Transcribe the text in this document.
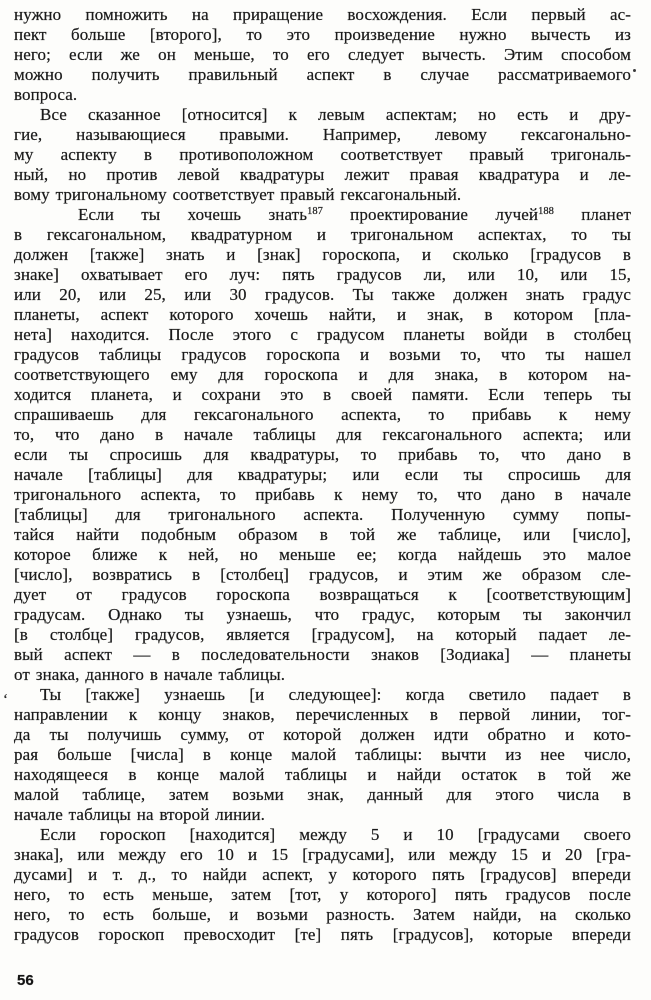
нужно помножить на приращение восхождения. Если первый ас-
пект больше [второго], то это произведение нужно вычесть из
него; если же он меньше, то его следует вычесть. Этим способом
можно получить правильный аспект в случае рассматриваемого
вопроса.
Все сказанное [относится] к левым аспектам; но есть и дру-
гие, называющиеся правыми. Например, левому гексагонально-
му аспекту в противоположном соответствует правый тригональ-
ный, но против левой квадратуры лежит правая квадратура и ле-
вому тригональному соответствует правый гексагональный.
Если ты хочешь знать$^{187}$ проектирование лучей$^{188}$ планет
в гексагональном, квадратурном и тригональном аспектах, то ты
должен [также] знать и [знак] гороскопа, и сколько [градусов в
знаке] охватывает его луч: пять градусов ли, или 10, или 15,
или 20, или 25, или 30 градусов. Ты также должен знать градус
планеты, аспект которого хочешь найти, и знак, в котором [пла-
нета] находится. После этого с градусом планеты войди в столбец
градусов таблицы градусов гороскопа и возьми то, что ты нашел
соответствующего ему для гороскопа и для знака, в котором на-
ходится планета, и сохрани это в своей памяти. Если теперь ты
спрашиваешь для гексагонального аспекта, то прибавь к нему
то, что дано в начале таблицы для гексагонального аспекта; или
если ты спросишь для квадратуры, то прибавь то, что дано в
начале [таблицы] для квадратуры; или если ты спросишь для
тригонального аспекта, то прибавь к нему то, что дано в начале
[таблицы] для тригонального аспекта. Полученную сумму попы-
тайся найти подобным образом в той же таблице, или [число],
которое ближе к ней, но меньше ее; когда найдешь это малое
[число], возвратись в [столбец] градусов, и этим же образом сле-
дует от градусов гороскопа возвращаться к [соответствующим]
градусам. Однако ты узнаешь, что градус, которым ты закончил
[в столбце] градусов, является [градусом], на который падает ле-
вый аспект — в последовательности знаков [Зодиака] — планеты
от знака, данного в начале таблицы.
Ты [также] узнаешь [и следующее]: когда светило падает в
направлении к концу знаков, перечисленных в первой линии, тог-
да ты получишь сумму, от которой должен идти обратно и кото-
рая больше [числа] в конце малой таблицы: вычти из нее число,
находящееся в конце малой таблицы и найди остаток в той же
малой таблице, затем возьми знак, данный для этого числа в
начале таблицы на второй линии.
Если гороскоп [находится] между 5 и 10 [градусами своего
знака], или между его 10 и 15 [градусами], или между 15 и 20 [гра-
дусами] и т. д., то найди аспект, у которого пять [градусов] впереди
него, то есть меньше, затем [тот, у которого] пять градусов после
него, то есть больше, и возьми разность. Затем найди, на сколько
градусов гороскоп превосходит [те] пять [градусов], которые впереди
‘
56
